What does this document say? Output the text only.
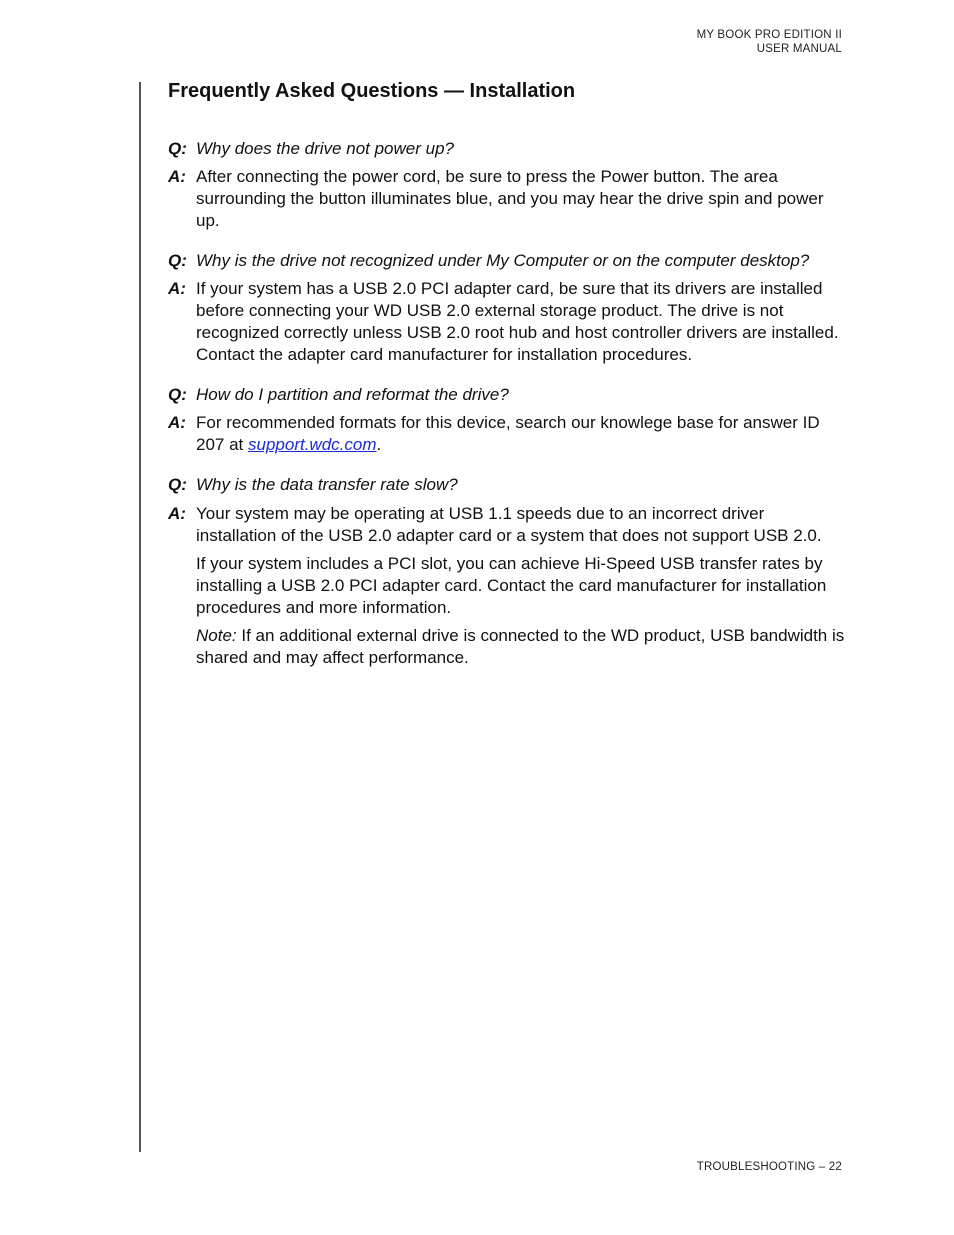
MY BOOK PRO EDITION II
USER MANUAL
Frequently Asked Questions — Installation
Q: Why does the drive not power up?
A: After connecting the power cord, be sure to press the Power button. The area surrounding the button illuminates blue, and you may hear the drive spin and power up.
Q: Why is the drive not recognized under My Computer or on the computer desktop?
A: If your system has a USB 2.0 PCI adapter card, be sure that its drivers are installed before connecting your WD USB 2.0 external storage product. The drive is not recognized correctly unless USB 2.0 root hub and host controller drivers are installed. Contact the adapter card manufacturer for installation procedures.
Q: How do I partition and reformat the drive?
A: For recommended formats for this device, search our knowlege base for answer ID 207 at support.wdc.com.
Q: Why is the data transfer rate slow?
A: Your system may be operating at USB 1.1 speeds due to an incorrect driver installation of the USB 2.0 adapter card or a system that does not support USB 2.0.
If your system includes a PCI slot, you can achieve Hi-Speed USB transfer rates by installing a USB 2.0 PCI adapter card. Contact the card manufacturer for installation procedures and more information.
Note: If an additional external drive is connected to the WD product, USB bandwidth is shared and may affect performance.
TROUBLESHOOTING – 22
